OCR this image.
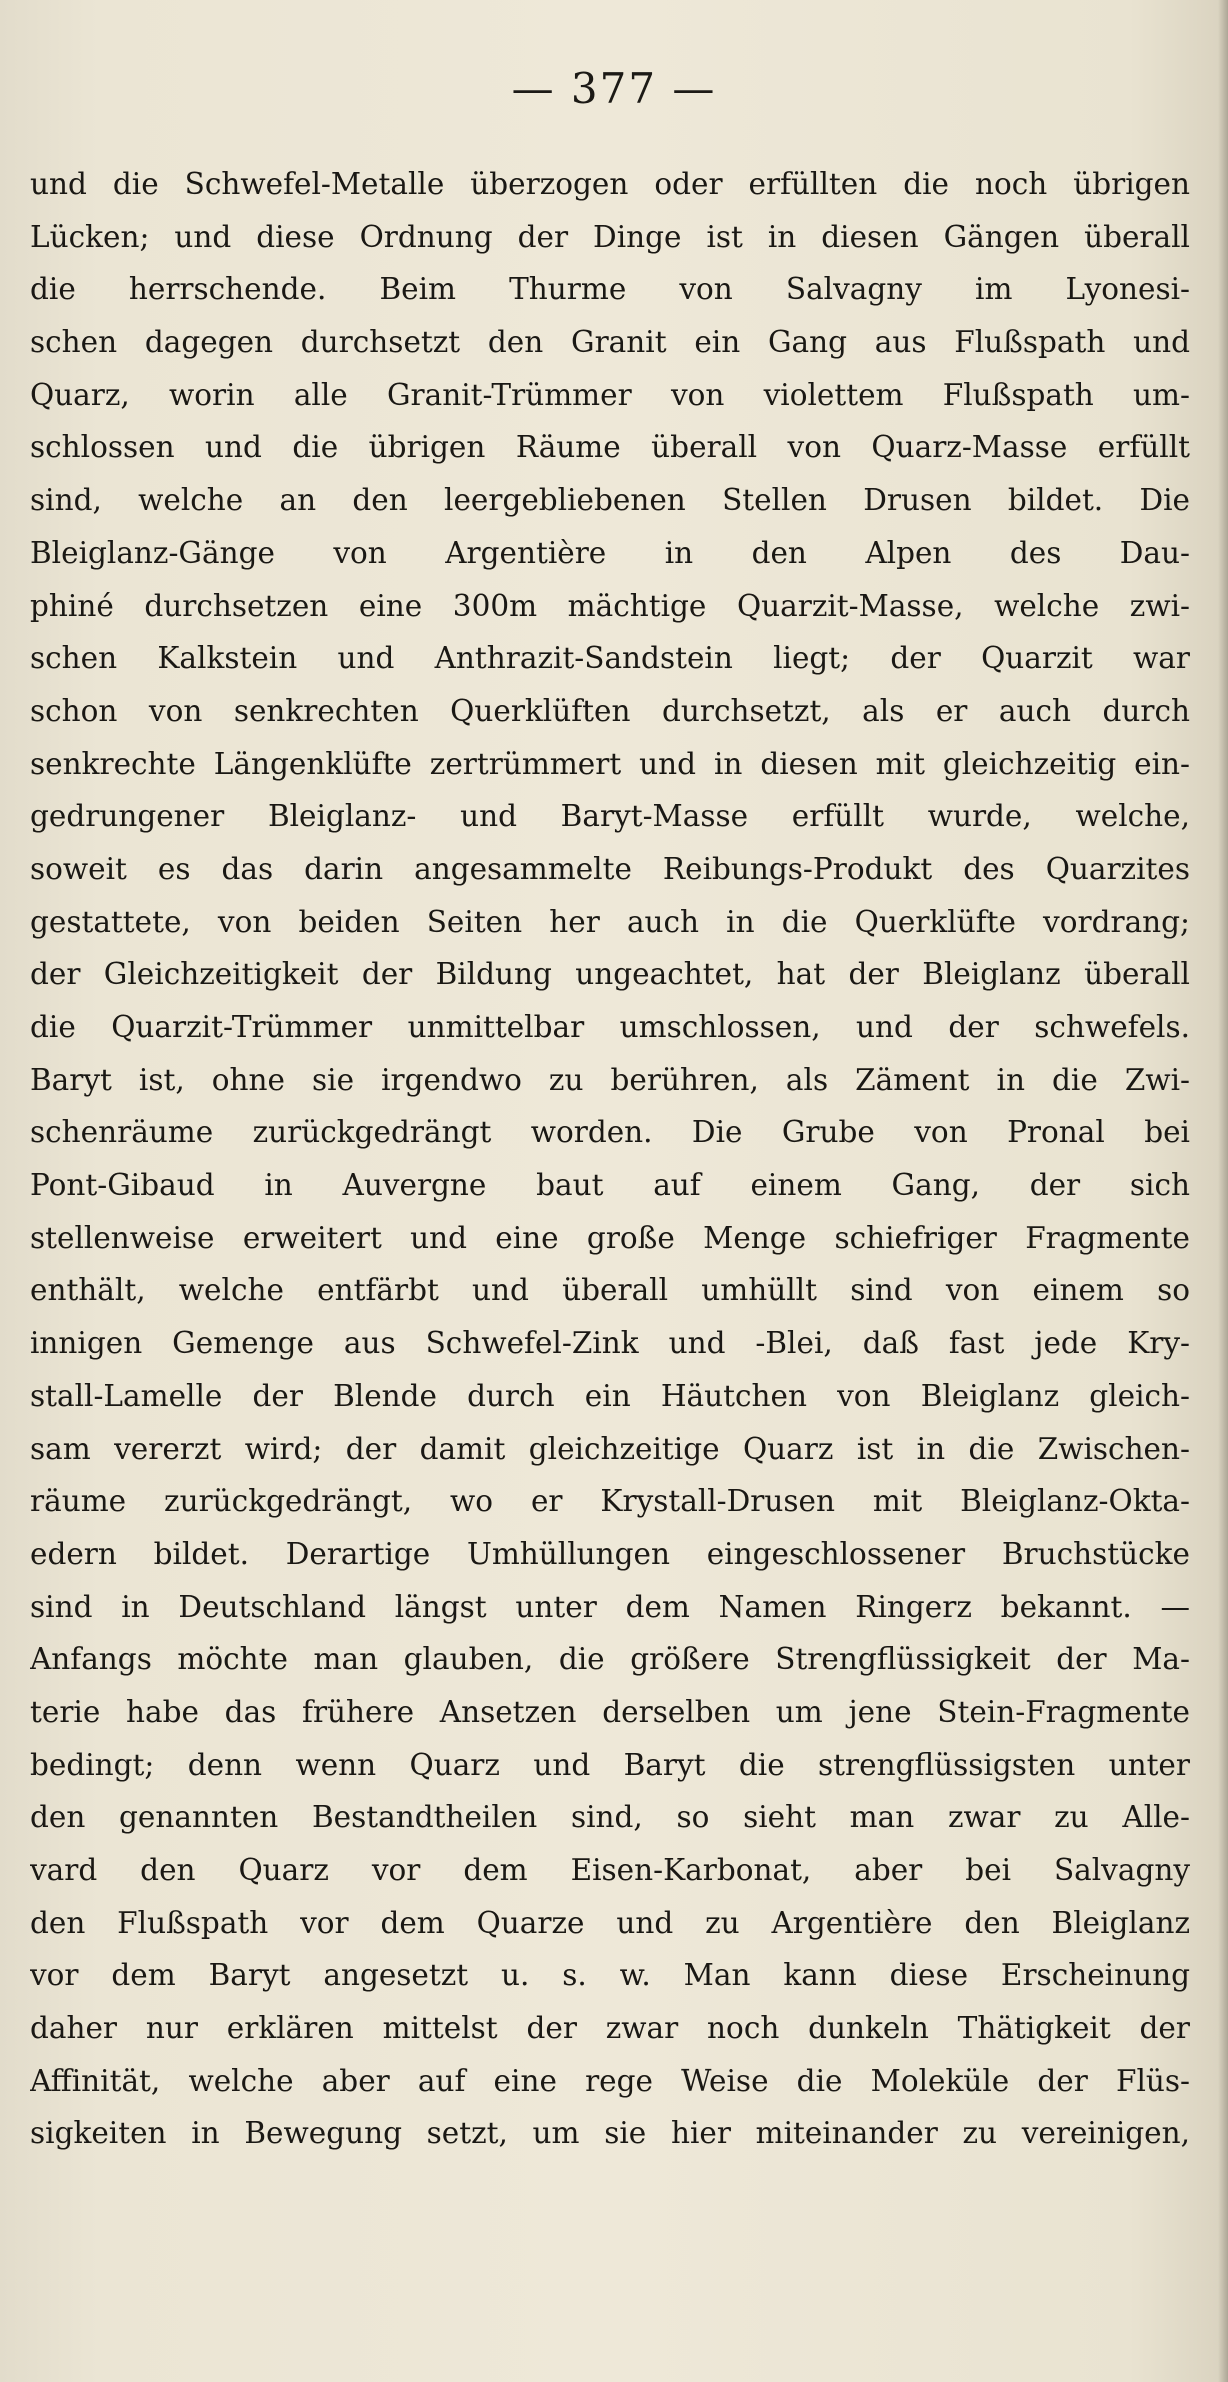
— 377 —
und die Schwefel-Metalle überzogen oder erfüllten die noch übrigen
Lücken; und diese Ordnung der Dinge ist in diesen Gängen überall
die herrschende. Beim Thurme von Salvagny im Lyonesi-
schen dagegen durchsetzt den Granit ein Gang aus Flußspath und
Quarz, worin alle Granit-Trümmer von violettem Flußspath um-
schlossen und die übrigen Räume überall von Quarz-Masse erfüllt
sind, welche an den leergebliebenen Stellen Drusen bildet. Die
Bleiglanz-Gänge von Argentière in den Alpen des Dau-
phiné durchsetzen eine 300m mächtige Quarzit-Masse, welche zwi-
schen Kalkstein und Anthrazit-Sandstein liegt; der Quarzit war
schon von senkrechten Querklüften durchsetzt, als er auch durch
senkrechte Längenklüfte zertrümmert und in diesen mit gleichzeitig ein-
gedrungener Bleiglanz- und Baryt-Masse erfüllt wurde, welche,
soweit es das darin angesammelte Reibungs-Produkt des Quarzites
gestattete, von beiden Seiten her auch in die Querklüfte vordrang;
der Gleichzeitigkeit der Bildung ungeachtet, hat der Bleiglanz überall
die Quarzit-Trümmer unmittelbar umschlossen, und der schwefels.
Baryt ist, ohne sie irgendwo zu berühren, als Zäment in die Zwi-
schenräume zurückgedrängt worden. Die Grube von Pronal bei
Pont-Gibaud in Auvergne baut auf einem Gang, der sich
stellenweise erweitert und eine große Menge schiefriger Fragmente
enthält, welche entfärbt und überall umhüllt sind von einem so
innigen Gemenge aus Schwefel-Zink und -Blei, daß fast jede Kry-
stall-Lamelle der Blende durch ein Häutchen von Bleiglanz gleich-
sam vererzt wird; der damit gleichzeitige Quarz ist in die Zwischen-
räume zurückgedrängt, wo er Krystall-Drusen mit Bleiglanz-Okta-
edern bildet. Derartige Umhüllungen eingeschlossener Bruchstücke
sind in Deutschland längst unter dem Namen Ringerz bekannt. —
Anfangs möchte man glauben, die größere Strengflüssigkeit der Ma-
terie habe das frühere Ansetzen derselben um jene Stein-Fragmente
bedingt; denn wenn Quarz und Baryt die strengflüssigsten unter
den genannten Bestandtheilen sind, so sieht man zwar zu Alle-
vard den Quarz vor dem Eisen-Karbonat, aber bei Salvagny
den Flußspath vor dem Quarze und zu Argentière den Bleiglanz
vor dem Baryt angesetzt u. s. w. Man kann diese Erscheinung
daher nur erklären mittelst der zwar noch dunkeln Thätigkeit der
Affinität, welche aber auf eine rege Weise die Moleküle der Flüs-
sigkeiten in Bewegung setzt, um sie hier miteinander zu vereinigen,
